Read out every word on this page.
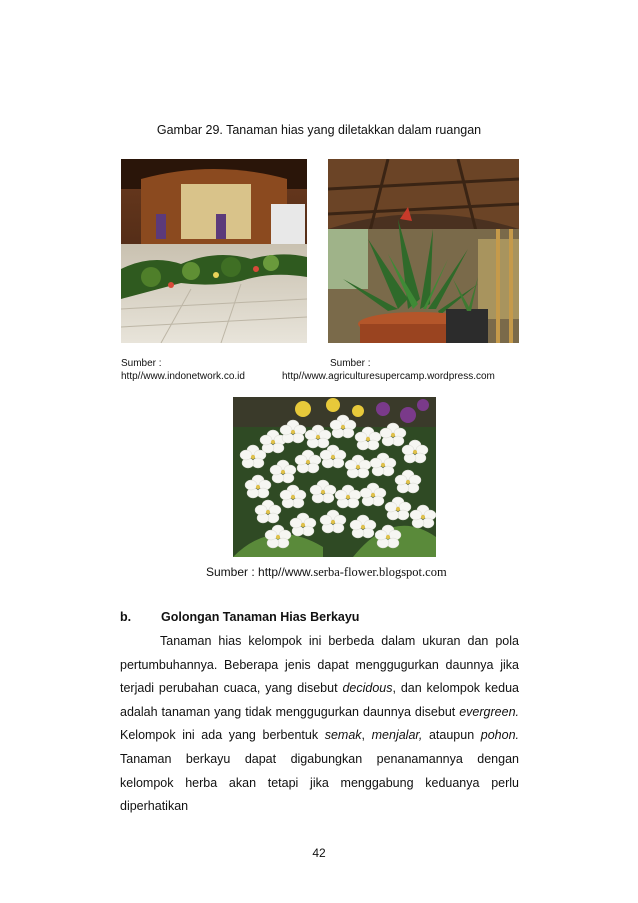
Gambar 29. Tanaman hias yang diletakkan dalam ruangan
Sumber :
http//www.indonetwork.co.id
Sumber :
http//www.agriculturesupercamp.wordpress.com
Sumber : http//www.serba-flower.blogspot.com
b. Golongan Tanaman Hias Berkayu

Tanaman hias kelompok ini berbeda dalam ukuran dan pola pertumbuhannya. Beberapa jenis dapat menggugurkan daunnya jika terjadi perubahan cuaca, yang disebut decidous, dan kelompok kedua adalah tanaman yang tidak menggugurkan daunnya disebut evergreen. Kelompok ini ada yang berbentuk semak, menjalar, ataupun pohon. Tanaman berkayu dapat digabungkan penanamannya dengan kelompok herba akan tetapi jika menggabung keduanya perlu diperhatikan

42
